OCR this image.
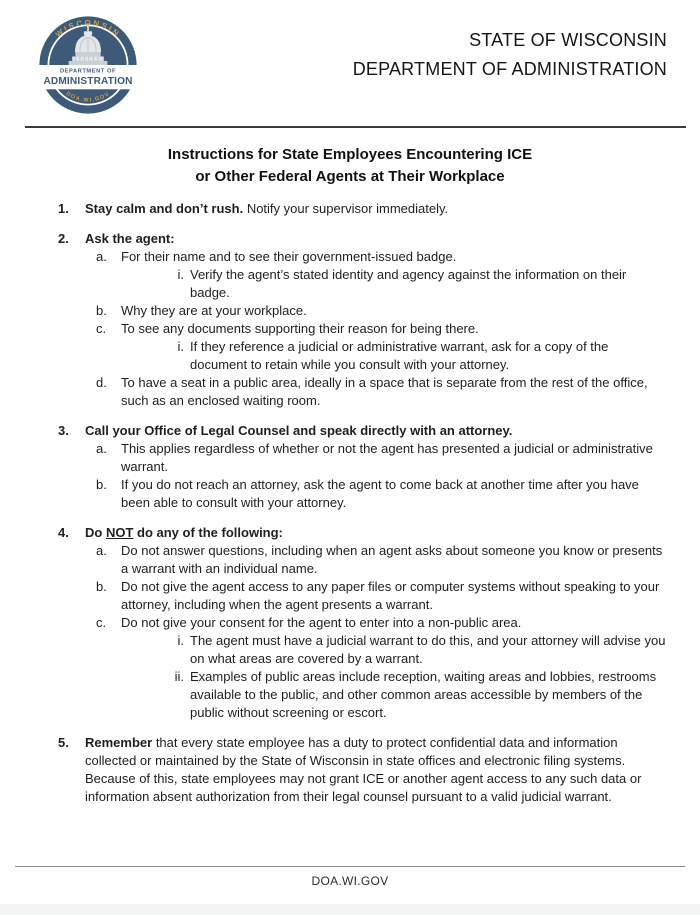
DEPARTMENT OF
ADMINISTRATION
WISCONSIN
DOA.WI.GOV
STATE OF WISCONSIN
DEPARTMENT OF ADMINISTRATION
Instructions for State Employees Encountering ICE
or Other Federal Agents at Their Workplace
1.	Stay calm and don’t rush. Notify your supervisor immediately.
2.	Ask the agent:
a.	For their name and to see their government-issued badge.
i. Verify the agent’s stated identity and agency against the information on their badge.
b.	Why they are at your workplace.
c.	To see any documents supporting their reason for being there.
i. If they reference a judicial or administrative warrant, ask for a copy of the document to retain while you consult with your attorney.
d.	To have a seat in a public area, ideally in a space that is separate from the rest of the office, such as an enclosed waiting room.
3.	Call your Office of Legal Counsel and speak directly with an attorney.
a.	This applies regardless of whether or not the agent has presented a judicial or administrative warrant.
b.	If you do not reach an attorney, ask the agent to come back at another time after you have been able to consult with your attorney.
4.	Do NOT do any of the following:
a.	Do not answer questions, including when an agent asks about someone you know or presents a warrant with an individual name.
b.	Do not give the agent access to any paper files or computer systems without speaking to your attorney, including when the agent presents a warrant.
c.	Do not give your consent for the agent to enter into a non-public area.
i. The agent must have a judicial warrant to do this, and your attorney will advise you on what areas are covered by a warrant.
ii. Examples of public areas include reception, waiting areas and lobbies, restrooms available to the public, and other common areas accessible by members of the public without screening or escort.
5.	Remember that every state employee has a duty to protect confidential data and information collected or maintained by the State of Wisconsin in state offices and electronic filing systems. Because of this, state employees may not grant ICE or another agent access to any such data or information absent authorization from their legal counsel pursuant to a valid judicial warrant.
DOA.WI.GOV
